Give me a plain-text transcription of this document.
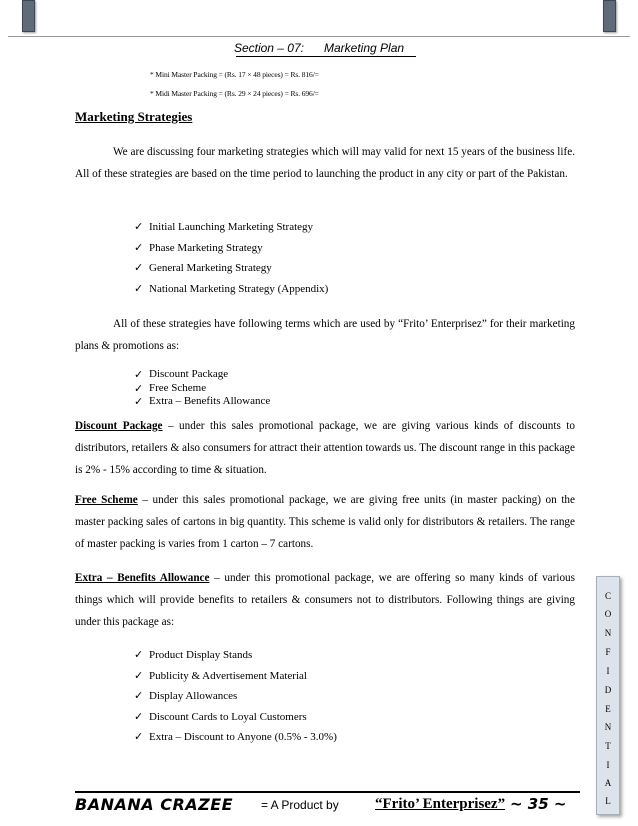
Section – 07: Marketing Plan
* Mini Master Packing = (Rs. 17 × 48 pieces) = Rs. 816/=
* Midi Master Packing = (Rs. 29 × 24 pieces) = Rs. 696/=
Marketing Strategies
We are discussing four marketing strategies which will may valid for next 15 years of the business life. All of these strategies are based on the time period to launching the product in any city or part of the Pakistan.
✓ Initial Launching Marketing Strategy
✓ Phase Marketing Strategy
✓ General Marketing Strategy
✓ National Marketing Strategy (Appendix)
All of these strategies have following terms which are used by “Frito’ Enterprisez” for their marketing plans & promotions as:
✓ Discount Package
✓ Free Scheme
✓ Extra – Benefits Allowance
Discount Package – under this sales promotional package, we are giving various kinds of discounts to distributors, retailers & also consumers for attract their attention towards us. The discount range in this package is 2% - 15% according to time & situation.
Free Scheme – under this sales promotional package, we are giving free units (in master packing) on the master packing sales of cartons in big quantity. This scheme is valid only for distributors & retailers. The range of master packing is varies from 1 carton – 7 cartons.
Extra – Benefits Allowance – under this promotional package, we are offering so many kinds of various things which will provide benefits to retailers & consumers not to distributors. Following things are giving under this package as:
✓ Product Display Stands
✓ Publicity & Advertisement Material
✓ Display Allowances
✓ Discount Cards to Loyal Customers
✓ Extra – Discount to Anyone (0.5% - 3.0%)
C
O
N
F
I
D
E
N
T
I
A
L
BANANA CRAZEE = A Product by “Frito’ Enterprisez” ~ 35 ~
